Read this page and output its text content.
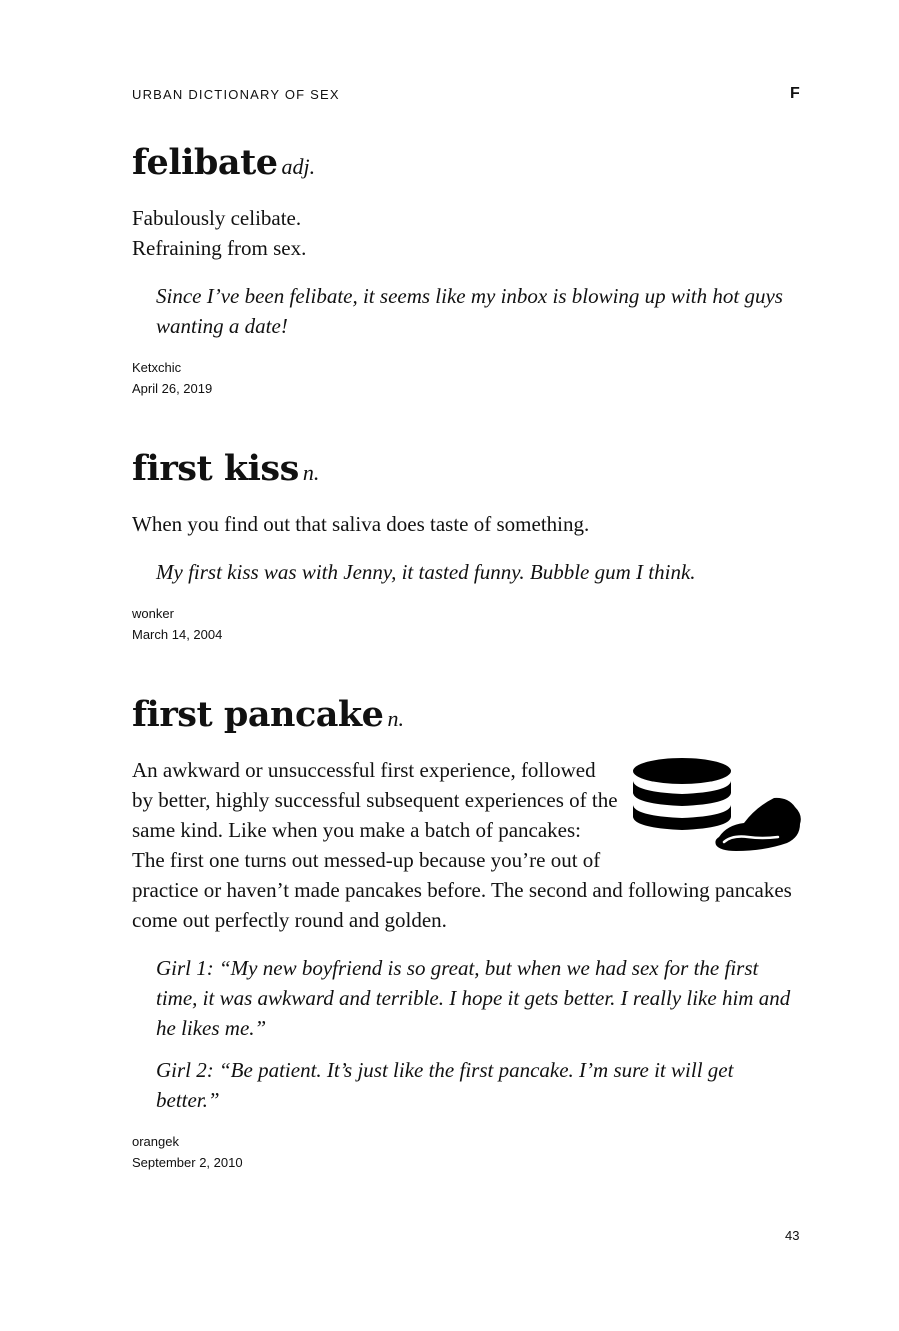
URBAN DICTIONARY OF SEX	F
felibate adj.
Fabulously celibate.
Refraining from sex.
Since I’ve been felibate, it seems like my inbox is blowing up with hot guys wanting a date!
Ketxchic
April 26, 2019
first kiss n.
When you find out that saliva does taste of something.
My first kiss was with Jenny, it tasted funny. Bubble gum I think.
wonker
March 14, 2004
first pancake n.
An awkward or unsuccessful first experience, followed by better, highly successful subsequent experiences of the same kind. Like when you make a batch of pancakes: The first one turns out messed-up because you’re out of practice or haven’t made pancakes before. The second and following pancakes come out perfectly round and golden.
Girl 1: “My new boyfriend is so great, but when we had sex for the first time, it was awkward and terrible. I hope it gets better. I really like him and he likes me.”
Girl 2: “Be patient. It’s just like the first pancake. I’m sure it will get better.”
orangek
September 2, 2010
43
